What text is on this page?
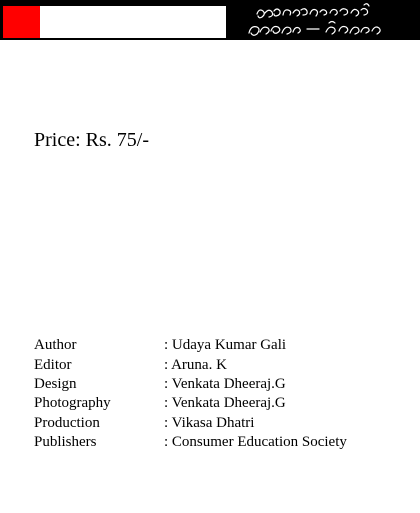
Price: Rs. 75/-
Author	: Udaya Kumar Gali
Editor	: Aruna. K
Design	: Venkata Dheeraj.G
Photography	: Venkata Dheeraj.G
Production	: Vikasa Dhatri
Publishers	: Consumer Education Society
